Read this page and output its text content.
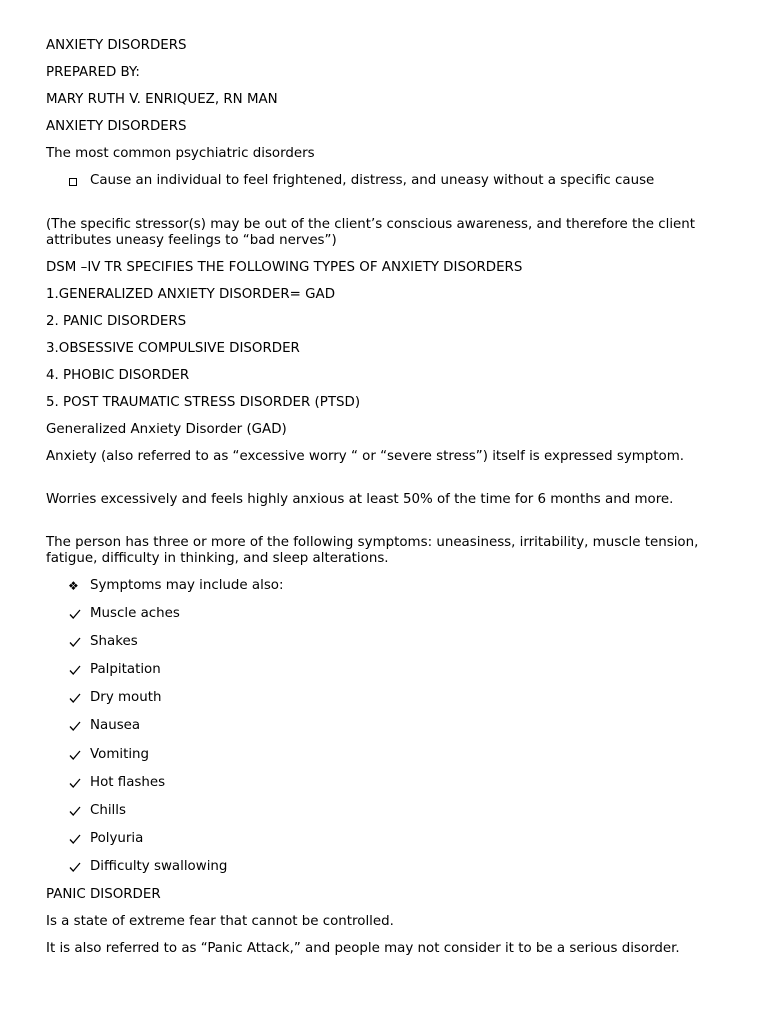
ANXIETY DISORDERS
PREPARED BY:
MARY RUTH V. ENRIQUEZ, RN MAN
ANXIETY DISORDERS
The most common psychiatric disorders
Cause an individual to feel frightened, distress, and uneasy without a specific cause
(The specific stressor(s) may be out of the client’s conscious awareness, and therefore the client attributes uneasy feelings to “bad nerves”)
DSM –IV TR SPECIFIES THE FOLLOWING TYPES OF ANXIETY DISORDERS
1.GENERALIZED ANXIETY DISORDER= GAD
2. PANIC DISORDERS
3.OBSESSIVE COMPULSIVE DISORDER
4. PHOBIC DISORDER
5. POST TRAUMATIC STRESS DISORDER (PTSD)
Generalized Anxiety Disorder (GAD)
Anxiety (also referred to as “excessive worry “ or “severe stress”) itself is expressed symptom.
Worries excessively and feels highly anxious at least 50% of the time for 6 months and more.
The person has three or more of the following symptoms: uneasiness, irritability, muscle tension, fatigue, difficulty in thinking, and sleep alterations.
❖ Symptoms may include also:
Muscle aches
Shakes
Palpitation
Dry mouth
Nausea
Vomiting
Hot flashes
Chills
Polyuria
Difficulty swallowing
PANIC DISORDER
Is a state of extreme fear that cannot be controlled.
It is also referred to as “Panic Attack,” and people may not consider it to be a serious disorder.
